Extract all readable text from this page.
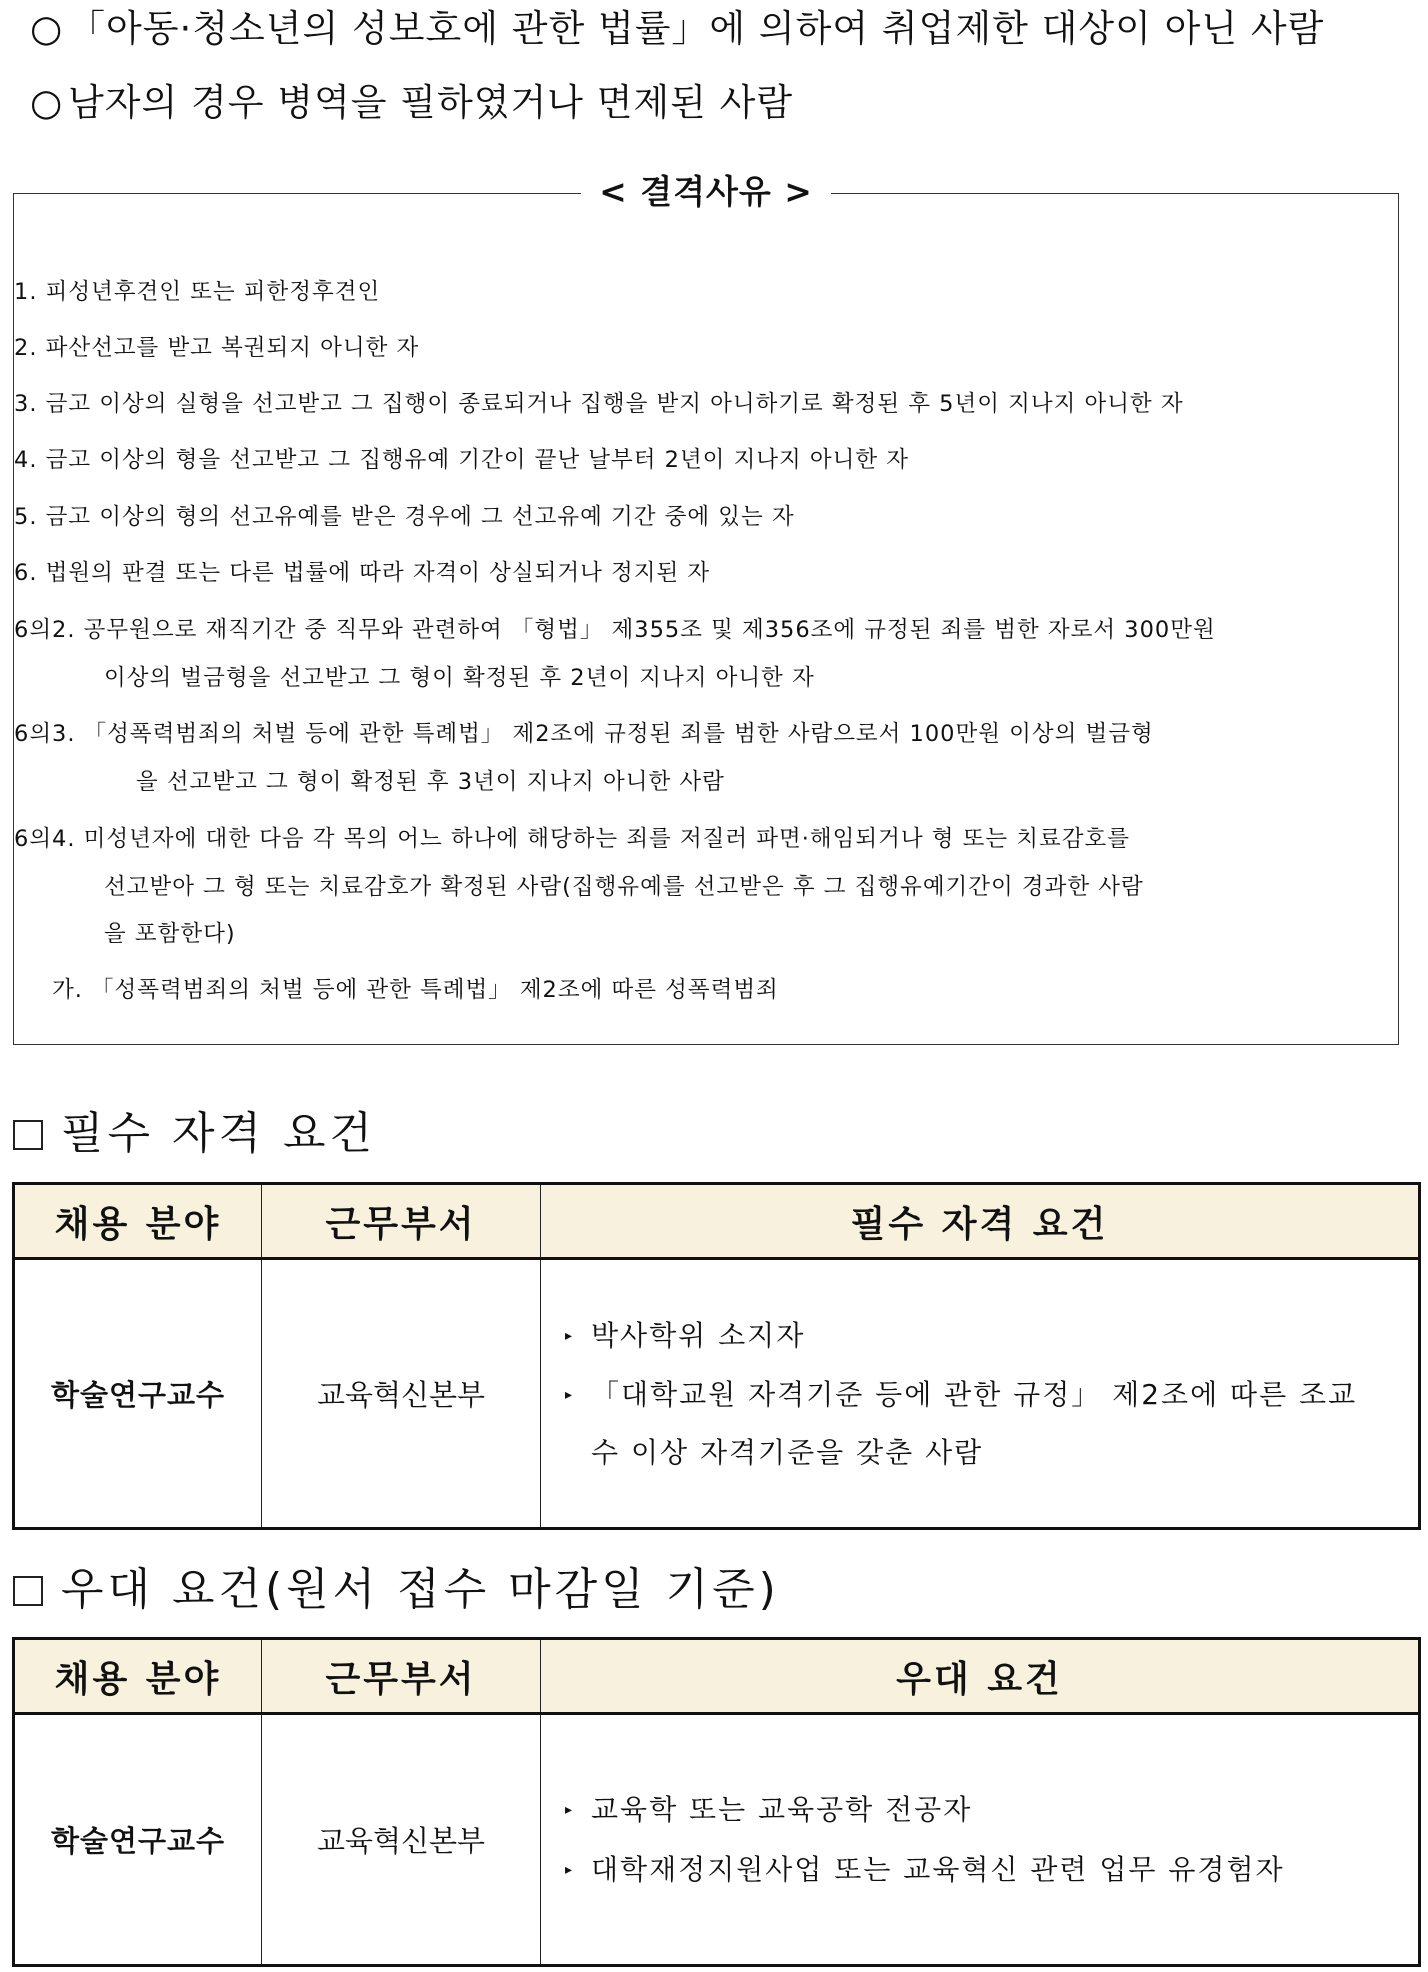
○ 「아동·청소년의 성보호에 관한 법률」에 의하여 취업제한 대상이 아닌 사람
○ 남자의 경우 병역을 필하였거나 면제된 사람
< 결격사유 >
1. 피성년후견인 또는 피한정후견인
2. 파산선고를 받고 복권되지 아니한 자
3. 금고 이상의 실형을 선고받고 그 집행이 종료되거나 집행을 받지 아니하기로 확정된 후 5년이 지나지 아니한 자
4. 금고 이상의 형을 선고받고 그 집행유예 기간이 끝난 날부터 2년이 지나지 아니한 자
5. 금고 이상의 형의 선고유예를 받은 경우에 그 선고유예 기간 중에 있는 자
6. 법원의 판결 또는 다른 법률에 따라 자격이 상실되거나 정지된 자
6의2. 공무원으로 재직기간 중 직무와 관련하여 「형법」 제355조 및 제356조에 규정된 죄를 범한 자로서 300만원
이상의 벌금형을 선고받고 그 형이 확정된 후 2년이 지나지 아니한 자
6의3. 「성폭력범죄의 처벌 등에 관한 특례법」 제2조에 규정된 죄를 범한 사람으로서 100만원 이상의 벌금형
을 선고받고 그 형이 확정된 후 3년이 지나지 아니한 사람
6의4. 미성년자에 대한 다음 각 목의 어느 하나에 해당하는 죄를 저질러 파면·해임되거나 형 또는 치료감호를
선고받아 그 형 또는 치료감호가 확정된 사람(집행유예를 선고받은 후 그 집행유예기간이 경과한 사람
을 포함한다)
가. 「성폭력범죄의 처벌 등에 관한 특례법」 제2조에 따른 성폭력범죄
필수 자격 요건
채용 분야	근무부서	필수 자격 요건
학술연구교수	교육혁신본부	▸ 박사학위 소지자
▸ 「대학교원 자격기준 등에 관한 규정」 제2조에 따른 조교
수 이상 자격기준을 갖춘 사람
우대 요건(원서 접수 마감일 기준)
채용 분야	근무부서	우대 요건
학술연구교수	교육혁신본부	▸ 교육학 또는 교육공학 전공자
▸ 대학재정지원사업 또는 교육혁신 관련 업무 유경험자
